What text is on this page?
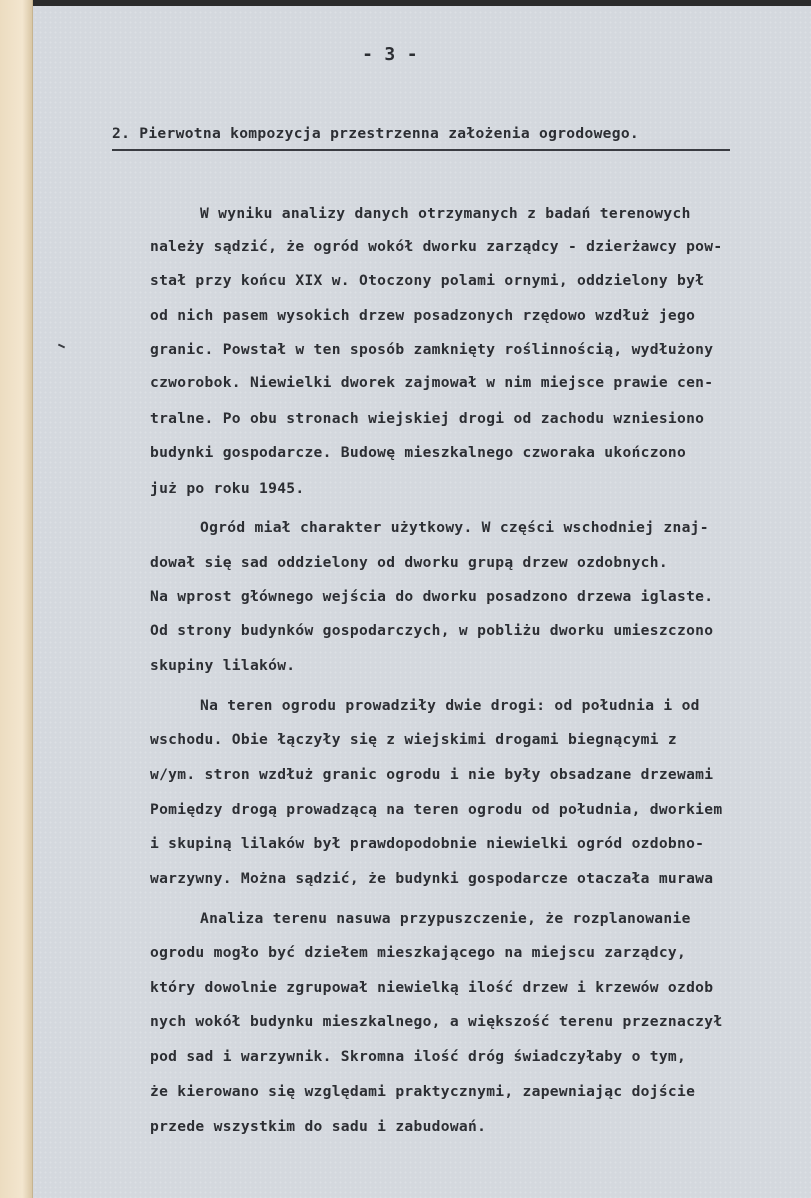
- 3 -
2. Pierwotna kompozycja przestrzenna założenia ogrodowego.
W wyniku analizy danych otrzymanych z badań terenowych
należy sądzić, że ogród wokół dworku zarządcy - dzierżawcy pow-
stał przy końcu XIX w. Otoczony polami ornymi, oddzielony był
od nich pasem wysokich drzew posadzonych rzędowo wzdłuż jego
granic. Powstał w ten sposób zamknięty roślinnością, wydłużony
czworobok. Niewielki dworek zajmował w nim miejsce prawie cen-
tralne. Po obu stronach wiejskiej drogi od zachodu wzniesiono
budynki gospodarcze. Budowę mieszkalnego czworaka ukończono
już po roku 1945.
Ogród miał charakter użytkowy. W części wschodniej znaj-
dował się sad oddzielony od dworku grupą drzew ozdobnych.
Na wprost głównego wejścia do dworku posadzono drzewa iglaste.
Od strony budynków gospodarczych, w pobliżu dworku umieszczono
skupiny lilaków.
Na teren ogrodu prowadziły dwie drogi: od południa i od
wschodu. Obie łączyły się z wiejskimi drogami biegnącymi z
w/ym. stron wzdłuż granic ogrodu i nie były obsadzane drzewami
Pomiędzy drogą prowadzącą na teren ogrodu od południa, dworkiem
i skupiną lilaków był prawdopodobnie niewielki ogród ozdobno-
warzywny. Można sądzić, że budynki gospodarcze otaczała murawa
Analiza terenu nasuwa przypuszczenie, że rozplanowanie
ogrodu mogło być dziełem mieszkającego na miejscu zarządcy,
który dowolnie zgrupował niewielką ilość drzew i krzewów ozdob
nych wokół budynku mieszkalnego, a większość terenu przeznaczył
pod sad i warzywnik. Skromna ilość dróg świadczyłaby o tym,
że kierowano się względami praktycznymi, zapewniając dojście
przede wszystkim do sadu i zabudowań.
